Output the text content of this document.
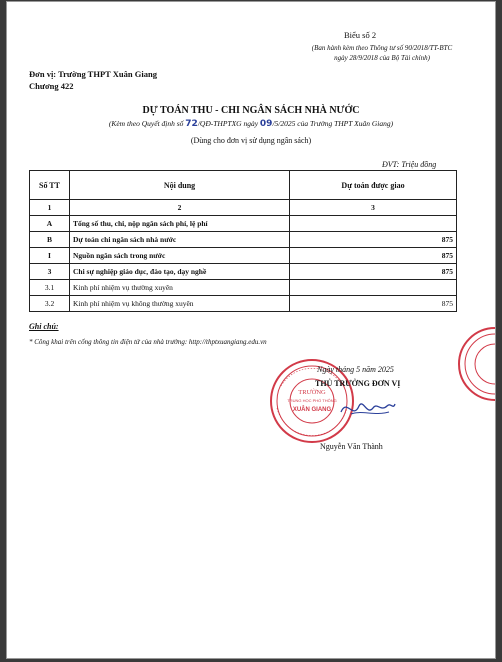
Biểu số 2
(Ban hành kèm theo Thông tư số 90/2018/TT-BTC
ngày 28/9/2018 của Bộ Tài chính)
Đơn vị: Trường THPT Xuân Giang
Chương 422
DỰ TOÁN THU - CHI NGÂN SÁCH NHÀ NƯỚC
(Kèm theo Quyết định số 72/QĐ-THPTXG ngày 09/5/2025 của Trường THPT Xuân Giang)
(Dùng cho đơn vị sử dụng ngân sách)
ĐVT: Triệu đồng
Số TT	Nội dung	Dự toán được giao
1	2	3
A	Tổng số thu, chi, nộp ngân sách phí, lệ phí	
B	Dự toán chi ngân sách nhà nước	875
I	Nguồn ngân sách trong nước	875
3	Chi sự nghiệp giáo dục, đào tạo, dạy nghề	875
3.1	Kinh phí nhiệm vụ thường xuyên	
3.2	Kinh phí nhiệm vụ không thường xuyên	875
Ghi chú:
* Công khai trên cổng thông tin điện tử của nhà trường: http://thptxuangiang.edu.vn
TRƯỜNG
TRUNG HỌC PHỔ THÔNG
XUÂN GIANG
Ngày tháng 5 năm 2025
THỦ TRƯỞNG ĐƠN VỊ
Nguyễn Văn Thành
